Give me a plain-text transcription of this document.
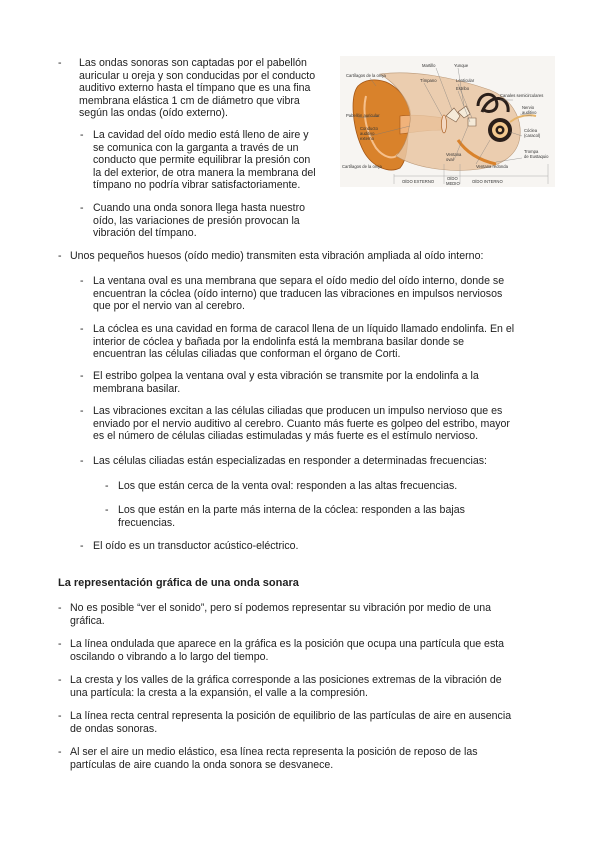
- Las ondas sonoras son captadas por el pabellón
auricular u oreja y son conducidas por el conducto
auditivo externo hasta el tímpano que es una fina
membrana elástica 1 cm de diámetro que vibra
según las ondas (oído externo).
- La cavidad del oído medio está lleno de aire y
se comunica con la garganta a través de un
conducto que permite equilibrar la presión con
la del exterior, de otra manera la membrana del
tímpano no podría vibrar satisfactoriamente.
- Cuando una onda sonora llega hasta nuestro
oído, las variaciones de presión provocan la
vibración del tímpano.
Martillo	Yunque
Cartílagos de la oreja
Tímpano	Lenticular
Estribo
Canales semicirculares
Nervio
auditivo
Pabellón auricular
Conducto
auditivo
externo
Cóclea
(caracol)
Trompa
de Eustaquio
Ventana
oval
Ventana redonda
Cartílagos de la oreja
OÍDO EXTERNO
OÍDO
MEDIO	OÍDO INTERNO
- Unos pequeños huesos (oído medio) transmiten esta vibración ampliada al oído interno:
- La ventana oval es una membrana que separa el oído medio del oído interno, donde se
encuentran la cóclea (oído interno) que traducen las vibraciones en impulsos nerviosos
que por el nervio van al cerebro.
- La cóclea es una cavidad en forma de caracol llena de un líquido llamado endolinfa. En el
interior de cóclea y bañada por la endolinfa está la membrana basilar donde se
encuentran las células ciliadas que conforman el órgano de Corti.
- El estribo golpea la ventana oval y esta vibración se transmite por la endolinfa a la
membrana basilar.
- Las vibraciones excitan a las células ciliadas que producen un impulso nervioso que es
enviado por el nervio auditivo al cerebro. Cuanto más fuerte es golpeo del estribo, mayor
es el número de células ciliadas estimuladas y más fuerte es el estímulo nervioso.
- Las células ciliadas están especializadas en responder a determinadas frecuencias:
- Los que están cerca de la venta oval: responden a las altas frecuencias.
- Los que están en la parte más interna de la cóclea: responden a las bajas
frecuencias.
- El oído es un transductor acústico-eléctrico.
La representación gráfica de una onda sonara
- No es posible “ver el sonido”, pero sí podemos representar su vibración por medio de una
gráfica.
- La línea ondulada que aparece en la gráfica es la posición que ocupa una partícula que esta
oscilando o vibrando a lo largo del tiempo.
- La cresta y los valles de la gráfica corresponde a las posiciones extremas de la vibración de
una partícula: la cresta a la expansión, el valle a la compresión.
- La línea recta central representa la posición de equilibrio de las partículas de aire en ausencia
de ondas sonoras.
- Al ser el aire un medio elástico, esa línea recta representa la posición de reposo de las
partículas de aire cuando la onda sonora se desvanece.
